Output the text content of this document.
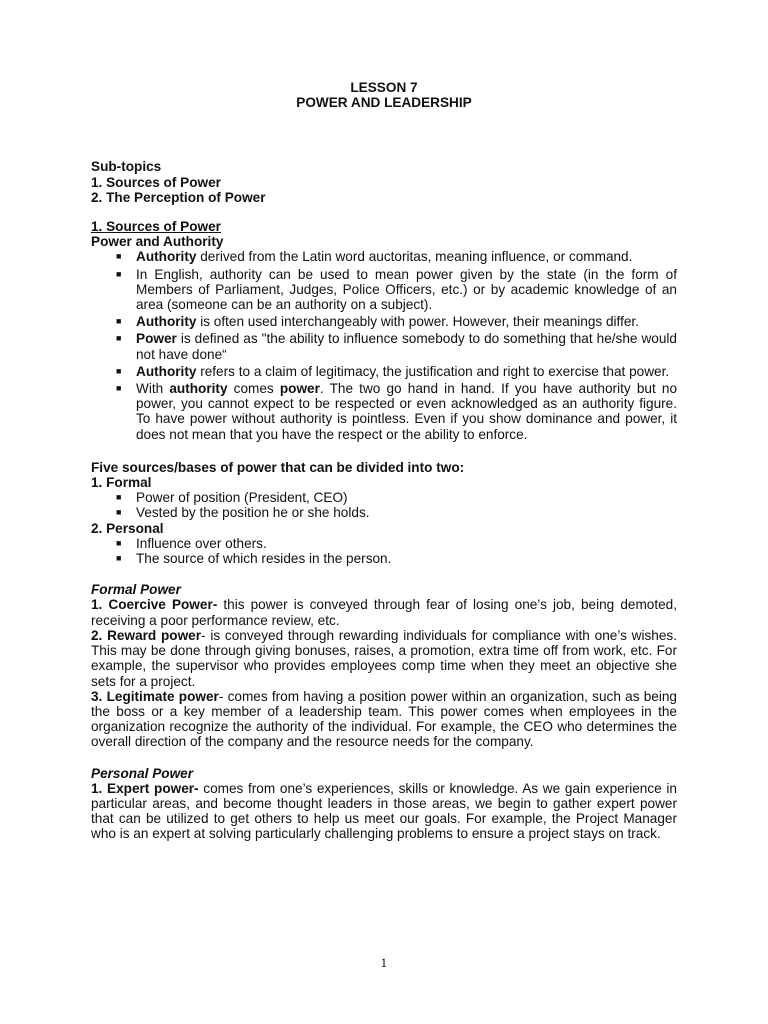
LESSON 7
POWER AND LEADERSHIP
Sub-topics
1. Sources of Power
2. The Perception of Power
1. Sources of Power
Power and Authority
■ Authority derived from the Latin word auctoritas, meaning influence, or command.
■ In English, authority can be used to mean power given by the state (in the form of Members of Parliament, Judges, Police Officers, etc.) or by academic knowledge of an area (someone can be an authority on a subject).
■ Authority is often used interchangeably with power. However, their meanings differ.
■ Power is defined as "the ability to influence somebody to do something that he/she would not have done“
■ Authority refers to a claim of legitimacy, the justification and right to exercise that power.
■ With authority comes power. The two go hand in hand. If you have authority but no power, you cannot expect to be respected or even acknowledged as an authority figure. To have power without authority is pointless. Even if you show dominance and power, it does not mean that you have the respect or the ability to enforce.
Five sources/bases of power that can be divided into two:
1. Formal
■ Power of position (President, CEO)
■ Vested by the position he or she holds.
2. Personal
■ Influence over others.
■ The source of which resides in the person.
Formal Power
1. Coercive Power- this power is conveyed through fear of losing one’s job, being demoted, receiving a poor performance review, etc.
2. Reward power- is conveyed through rewarding individuals for compliance with one’s wishes. This may be done through giving bonuses, raises, a promotion, extra time off from work, etc. For example, the supervisor who provides employees comp time when they meet an objective she sets for a project.
3. Legitimate power- comes from having a position power within an organization, such as being the boss or a key member of a leadership team. This power comes when employees in the organization recognize the authority of the individual. For example, the CEO who determines the overall direction of the company and the resource needs for the company.
Personal Power
1. Expert power- comes from one’s experiences, skills or knowledge. As we gain experience in particular areas, and become thought leaders in those areas, we begin to gather expert power that can be utilized to get others to help us meet our goals. For example, the Project Manager who is an expert at solving particularly challenging problems to ensure a project stays on track.
1
